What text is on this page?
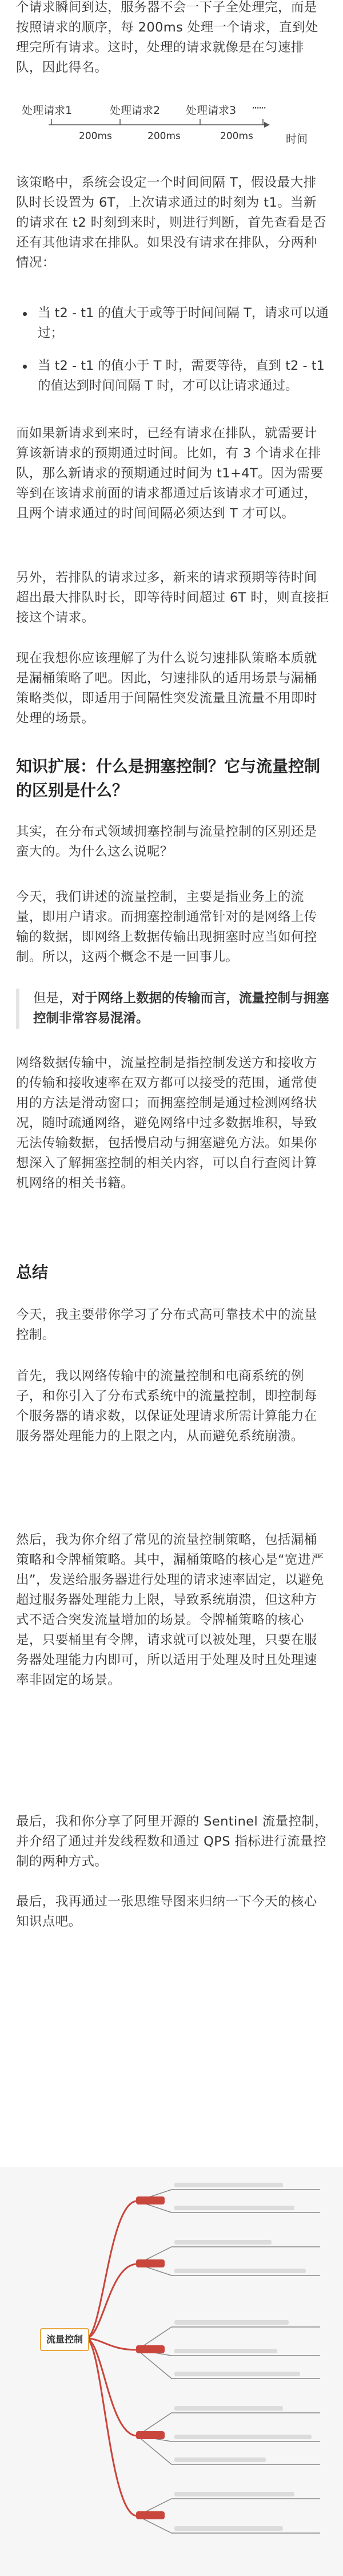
个请求瞬间到达，服务器不会一下子全处理完，而是按照请求的顺序，每 200ms 处理一个请求，直到处理完所有请求。这时，处理的请求就像是在匀速排队，因此得名。
处理请求1	处理请求2 处理请求3 ······
200ms	200ms	200ms	时间
该策略中，系统会设定一个时间间隔 T，假设最大排队时长设置为 6T，上次请求通过的时刻为 t1。当新的请求在 t2 时刻到来时，则进行判断，首先查看是否还有其他请求在排队。如果没有请求在排队，分两种情况：
当 t2 - t1 的值大于或等于时间间隔 T，请求可以通过；
当 t2 - t1 的值小于 T 时，需要等待，直到 t2 - t1 的值达到时间间隔 T 时，才可以让请求通过。
而如果新请求到来时，已经有请求在排队，就需要计算该新请求的预期通过时间。比如，有 3 个请求在排队，那么新请求的预期通过时间为 t1+4T。因为需要等到在该请求前面的请求都通过后该请求才可通过，且两个请求通过的时间间隔必须达到 T 才可以。
另外，若排队的请求过多，新来的请求预期等待时间超出最大排队时长，即等待时间超过 6T 时，则直接拒接这个请求。
现在我想你应该理解了为什么说匀速排队策略本质就是漏桶策略了吧。因此，匀速排队的适用场景与漏桶策略类似，即适用于间隔性突发流量且流量不用即时处理的场景。
知识扩展：什么是拥塞控制？它与流量控制的区别是什么？
其实，在分布式领域拥塞控制与流量控制的区别还是蛮大的。为什么这么说呢？
今天，我们讲述的流量控制，主要是指业务上的流量，即用户请求。而拥塞控制通常针对的是网络上传输的数据，即网络上数据传输出现拥塞时应当如何控制。所以，这两个概念不是一回事儿。
但是，对于网络上数据的传输而言，流量控制与拥塞控制非常容易混淆。
网络数据传输中，流量控制是指控制发送方和接收方的传输和接收速率在双方都可以接受的范围，通常使用的方法是滑动窗口；而拥塞控制是通过检测网络状况，随时疏通网络，避免网络中过多数据堆积，导致无法传输数据，包括慢启动与拥塞避免方法。如果你想深入了解拥塞控制的相关内容，可以自行查阅计算机网络的相关书籍。
总结
今天，我主要带你学习了分布式高可靠技术中的流量控制。
首先，我以网络传输中的流量控制和电商系统的例子，和你引入了分布式系统中的流量控制，即控制每个服务器的请求数，以保证处理请求所需计算能力在服务器处理能力的上限之内，从而避免系统崩溃。
然后，我为你介绍了常见的流量控制策略，包括漏桶策略和令牌桶策略。其中，漏桶策略的核心是“宽进严出”，发送给服务器进行处理的请求速率固定，以避免超过服务器处理能力上限，导致系统崩溃，但这种方式不适合突发流量增加的场景。令牌桶策略的核心是，只要桶里有令牌，请求就可以被处理，只要在服务器处理能力内即可，所以适用于处理及时且处理速率非固定的场景。
最后，我和你分享了阿里开源的 Sentinel 流量控制，并介绍了通过并发线程数和通过 QPS 指标进行流量控制的两种方式。
最后，我再通过一张思维导图来归纳一下今天的核心知识点吧。
流量控制
